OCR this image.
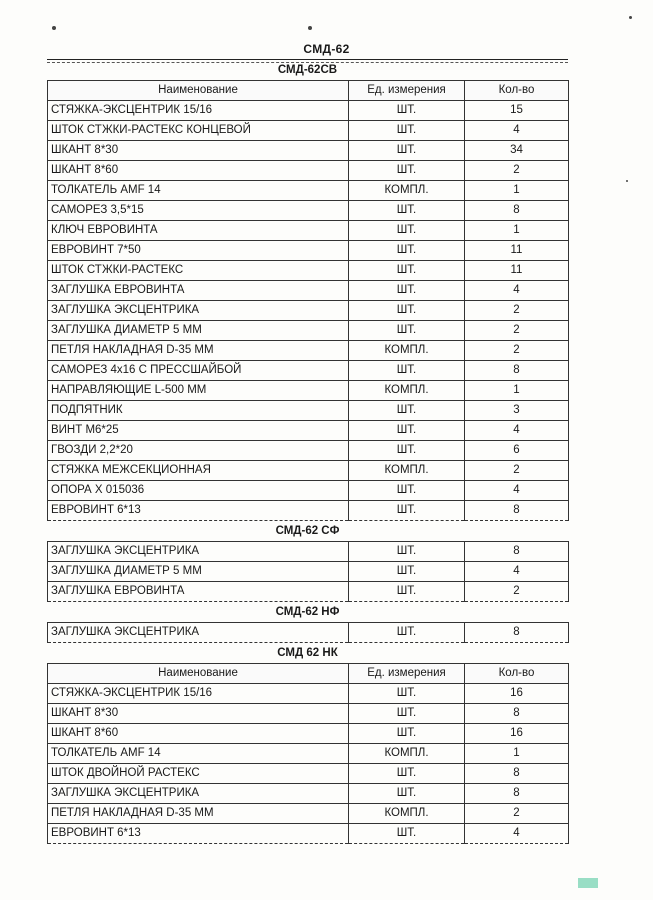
СМД-62
СМД-62СВ
Наименование	Ед. измерения	Кол-во
СТЯЖКА-ЭКСЦЕНТРИК 15/16	ШТ.	15
ШТОК СТЖКИ-РАСТЕКС КОНЦЕВОЙ	ШТ.	4
ШКАНТ 8*30	ШТ.	34
ШКАНТ 8*60	ШТ.	2
ТОЛКАТЕЛЬ AMF 14	КОМПЛ.	1
САМОРЕЗ 3,5*15	ШТ.	8
КЛЮЧ ЕВРОВИНТА	ШТ.	1
ЕВРОВИНТ 7*50	ШТ.	11
ШТОК СТЖКИ-РАСТЕКС	ШТ.	11
ЗАГЛУШКА ЕВРОВИНТА	ШТ.	4
ЗАГЛУШКА ЭКСЦЕНТРИКА	ШТ.	2
ЗАГЛУШКА ДИАМЕТР 5 ММ	ШТ.	2
ПЕТЛЯ НАКЛАДНАЯ D-35 ММ	КОМПЛ.	2
САМОРЕЗ 4х16 С ПРЕССШАЙБОЙ	ШТ.	8
НАПРАВЛЯЮЩИЕ L-500 ММ	КОМПЛ.	1
ПОДПЯТНИК	ШТ.	3
ВИНТ М6*25	ШТ.	4
ГВОЗДИ 2,2*20	ШТ.	6
СТЯЖКА МЕЖСЕКЦИОННАЯ	КОМПЛ.	2
ОПОРА Х 015036	ШТ.	4
ЕВРОВИНТ 6*13	ШТ.	8
СМД-62 СФ
ЗАГЛУШКА ЭКСЦЕНТРИКА	ШТ.	8
ЗАГЛУШКА ДИАМЕТР 5 ММ	ШТ.	4
ЗАГЛУШКА ЕВРОВИНТА	ШТ.	2
СМД-62 НФ
ЗАГЛУШКА ЭКСЦЕНТРИКА	ШТ.	8
СМД 62 НК
Наименование	Ед. измерения	Кол-во
СТЯЖКА-ЭКСЦЕНТРИК 15/16	ШТ.	16
ШКАНТ 8*30	ШТ.	8
ШКАНТ 8*60	ШТ.	16
ТОЛКАТЕЛЬ AMF 14	КОМПЛ.	1
ШТОК ДВОЙНОЙ РАСТЕКС	ШТ.	8
ЗАГЛУШКА ЭКСЦЕНТРИКА	ШТ.	8
ПЕТЛЯ НАКЛАДНАЯ D-35 ММ	КОМПЛ.	2
ЕВРОВИНТ 6*13	ШТ.	4
